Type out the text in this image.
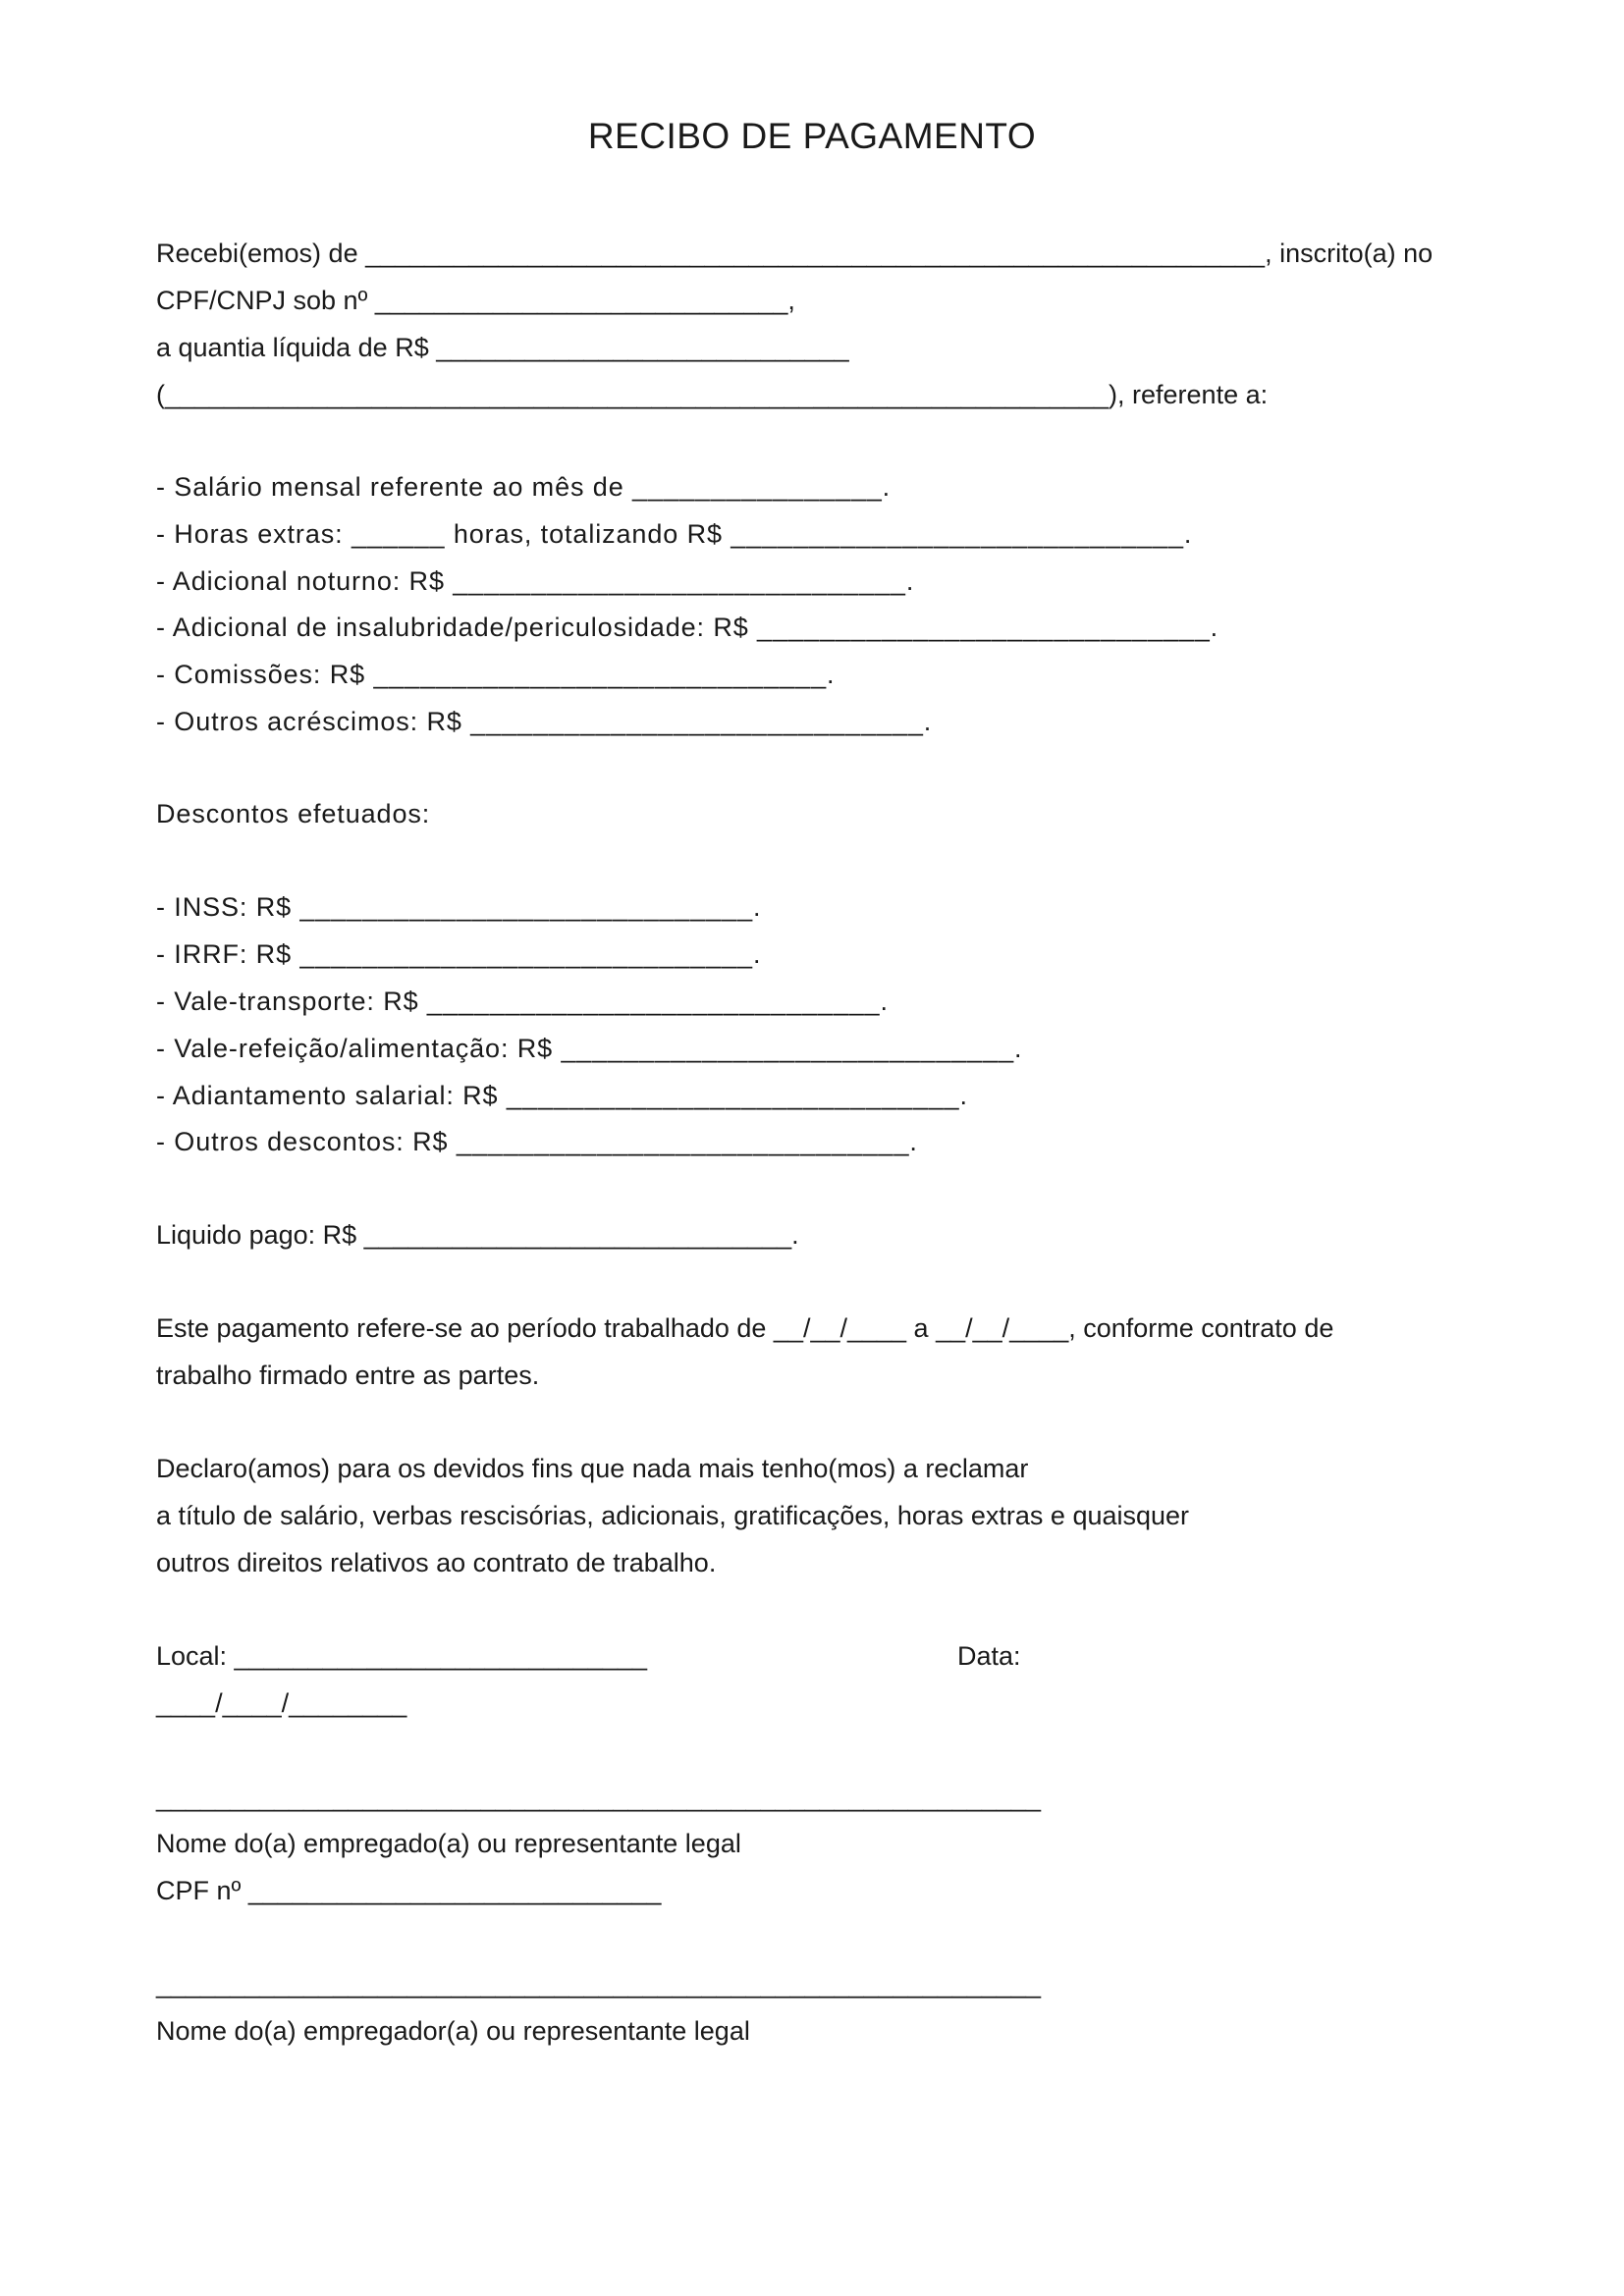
RECIBO DE PAGAMENTO
Recebi(emos) de _____________________________________________________________, inscrito(a) no
CPF/CNPJ sob nº ____________________________,
a quantia líquida de R$ ____________________________
(________________________________________________________________), referente a:
- Salário mensal referente ao mês de ________________.
- Horas extras: ______ horas, totalizando R$ _____________________________.
- Adicional noturno: R$ _____________________________.
- Adicional de insalubridade/periculosidade: R$ _____________________________.
- Comissões: R$ _____________________________.
- Outros acréscimos: R$ _____________________________.
Descontos efetuados:
- INSS: R$ _____________________________.
- IRRF: R$ _____________________________.
- Vale-transporte: R$ _____________________________.
- Vale-refeição/alimentação: R$ _____________________________.
- Adiantamento salarial: R$ _____________________________.
- Outros descontos: R$ _____________________________.
Liquido pago: R$ _____________________________.
Este pagamento refere-se ao período trabalhado de __/__/____ a __/__/____, conforme contrato de
trabalho firmado entre as partes.
Declaro(amos) para os devidos fins que nada mais tenho(mos) a reclamar
a título de salário, verbas rescisórias, adicionais, gratificações, horas extras e quaisquer
outros direitos relativos ao contrato de trabalho.
Local: ____________________________	Data:
____/____/________
____________________________________________________________
Nome do(a) empregado(a) ou representante legal
CPF nº ____________________________
____________________________________________________________
Nome do(a) empregador(a) ou representante legal
